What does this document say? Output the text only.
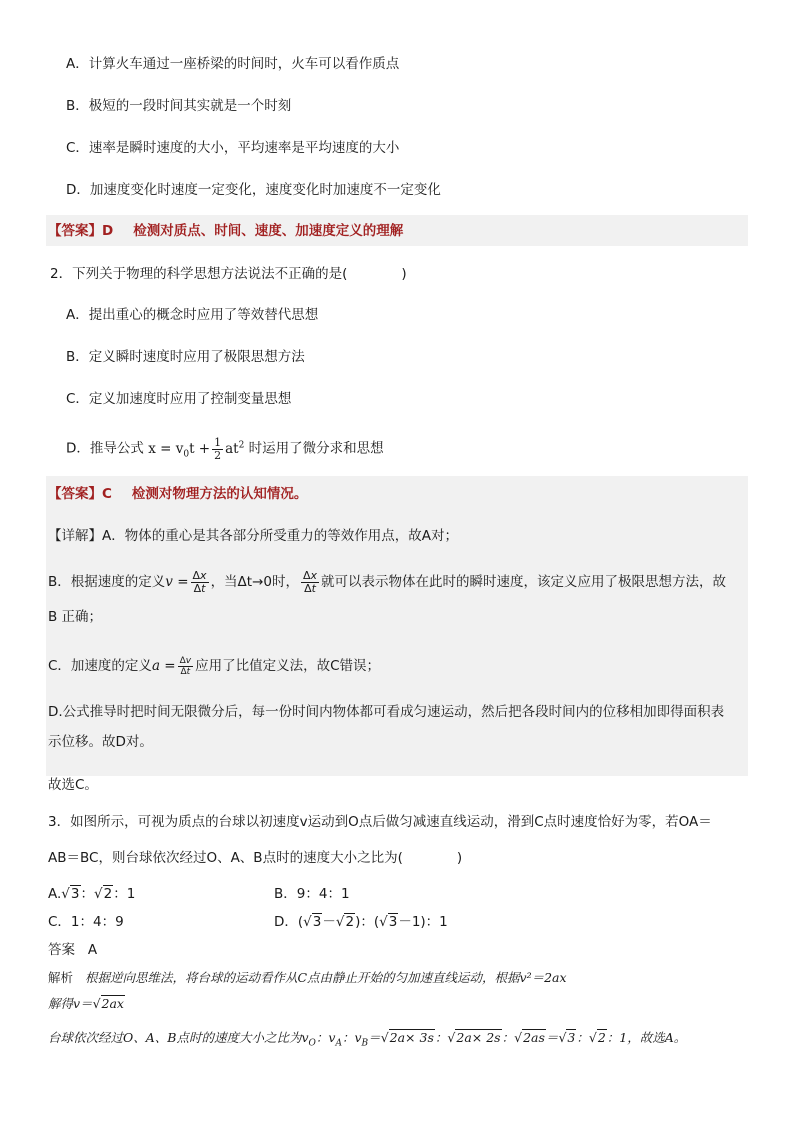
A．计算火车通过一座桥梁的时间时，火车可以看作质点
B．极短的一段时间其实就是一个时刻
C．速率是瞬时速度的大小，平均速率是平均速度的大小
D．加速度变化时速度一定变化，速度变化时加速度不一定变化
【答案】D 检测对质点、时间、速度、加速度定义的理解
2．下列关于物理的科学思想方法说法不正确的是(　　　　)
A．提出重心的概念时应用了等效替代思想
B．定义瞬时速度时应用了极限思想方法
C．定义加速度时应用了控制变量思想
D．推导公式 $x = v_0t + \frac{1}{2} at^2$ 时运用了微分求和思想
【答案】C 检测对物理方法的认知情况。
【详解】A．物体的重心是其各部分所受重力的等效作用点，故A对；
B．根据速度的定义$v = \frac{\Delta x}{\Delta t}$ ，当Δt→0时， $\frac{\Delta x}{\Delta t}$ 就可以表示物体在此时的瞬时速度，该定义应用了极限思想方法，故
B 正确；
C．加速度的定义$a = \frac{\Delta v}{\Delta t}$ 应用了比值定义法，故C错误；
D.公式推导时把时间无限微分后，每一份时间内物体都可看成匀速运动，然后把各段时间内的位移相加即得面积表
示位移。故D对。
故选C。
3．如图所示，可视为质点的台球以初速度v运动到O点后做匀减速直线运动，滑到C点时速度恰好为零，若OA＝
AB＝BC，则台球依次经过O、A、B点时的速度大小之比为(　　　　)
A.√3：√2：1	B．9：4：1
C．1：4：9	D．(√3－√2)：(√3－1)：1
答案 A
解析 根据逆向思维法，将台球的运动看作从C点由静止开始的匀加速直线运动，根据v²＝2ax
解得v＝√2ax
台球依次经过O、A、B点时的速度大小之比为$v_O$：$v_A$：$v_B=√2a\times 3s$：√2a× 2s：√2as＝√3：√2：1，故选A。
